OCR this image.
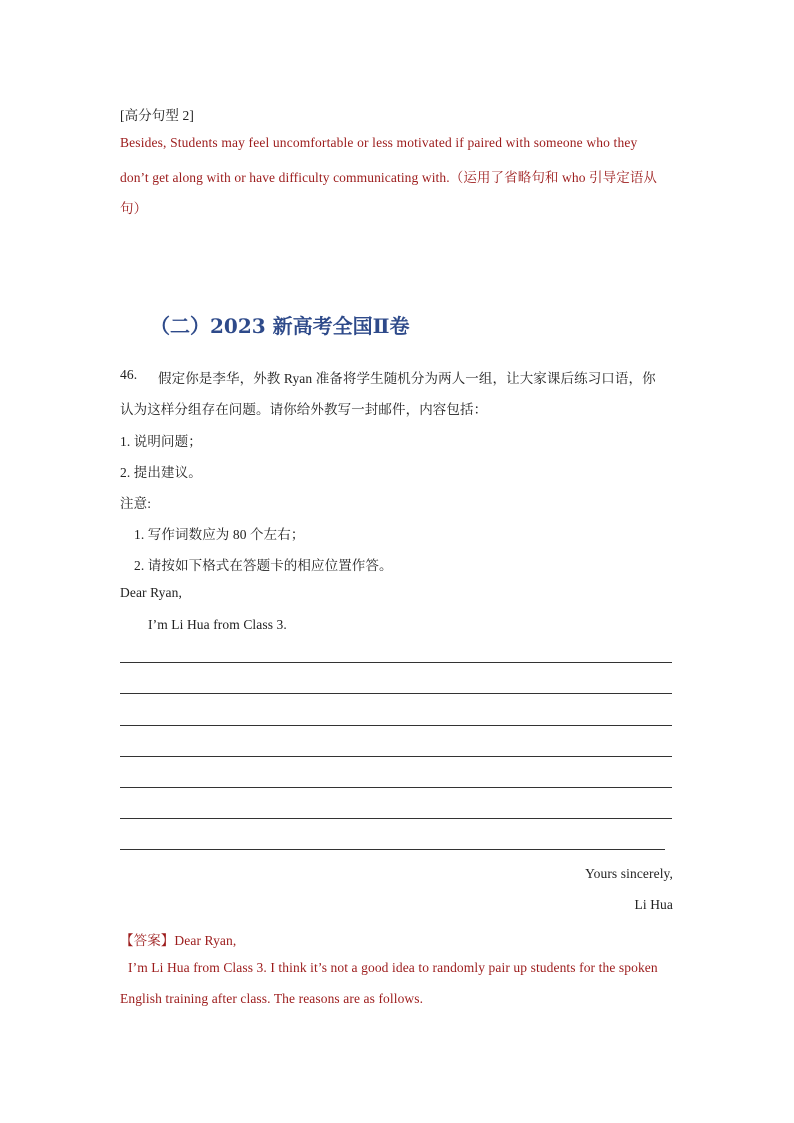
[高分句型 2]
Besides, Students may feel uncomfortable or less motivated if paired with someone who they
don’t get along with or have difficulty communicating with.（运用了省略句和 who 引导定语从
句）
（二）2023 新高考全国Ⅱ卷
46. 假定你是李华，外教 Ryan 准备将学生随机分为两人一组，让大家课后练习口语，你
认为这样分组存在问题。请你给外教写一封邮件，内容包括：
1. 说明问题；
2. 提出建议。
注意:
1. 写作词数应为 80 个左右；
2. 请按如下格式在答题卡的相应位置作答。
Dear Ryan,
I’m Li Hua from Class 3.
Yours sincerely,
Li Hua
【答案】Dear Ryan,
I’m Li Hua from Class 3. I think it’s not a good idea to randomly pair up students for the spoken
English training after class. The reasons are as follows.
